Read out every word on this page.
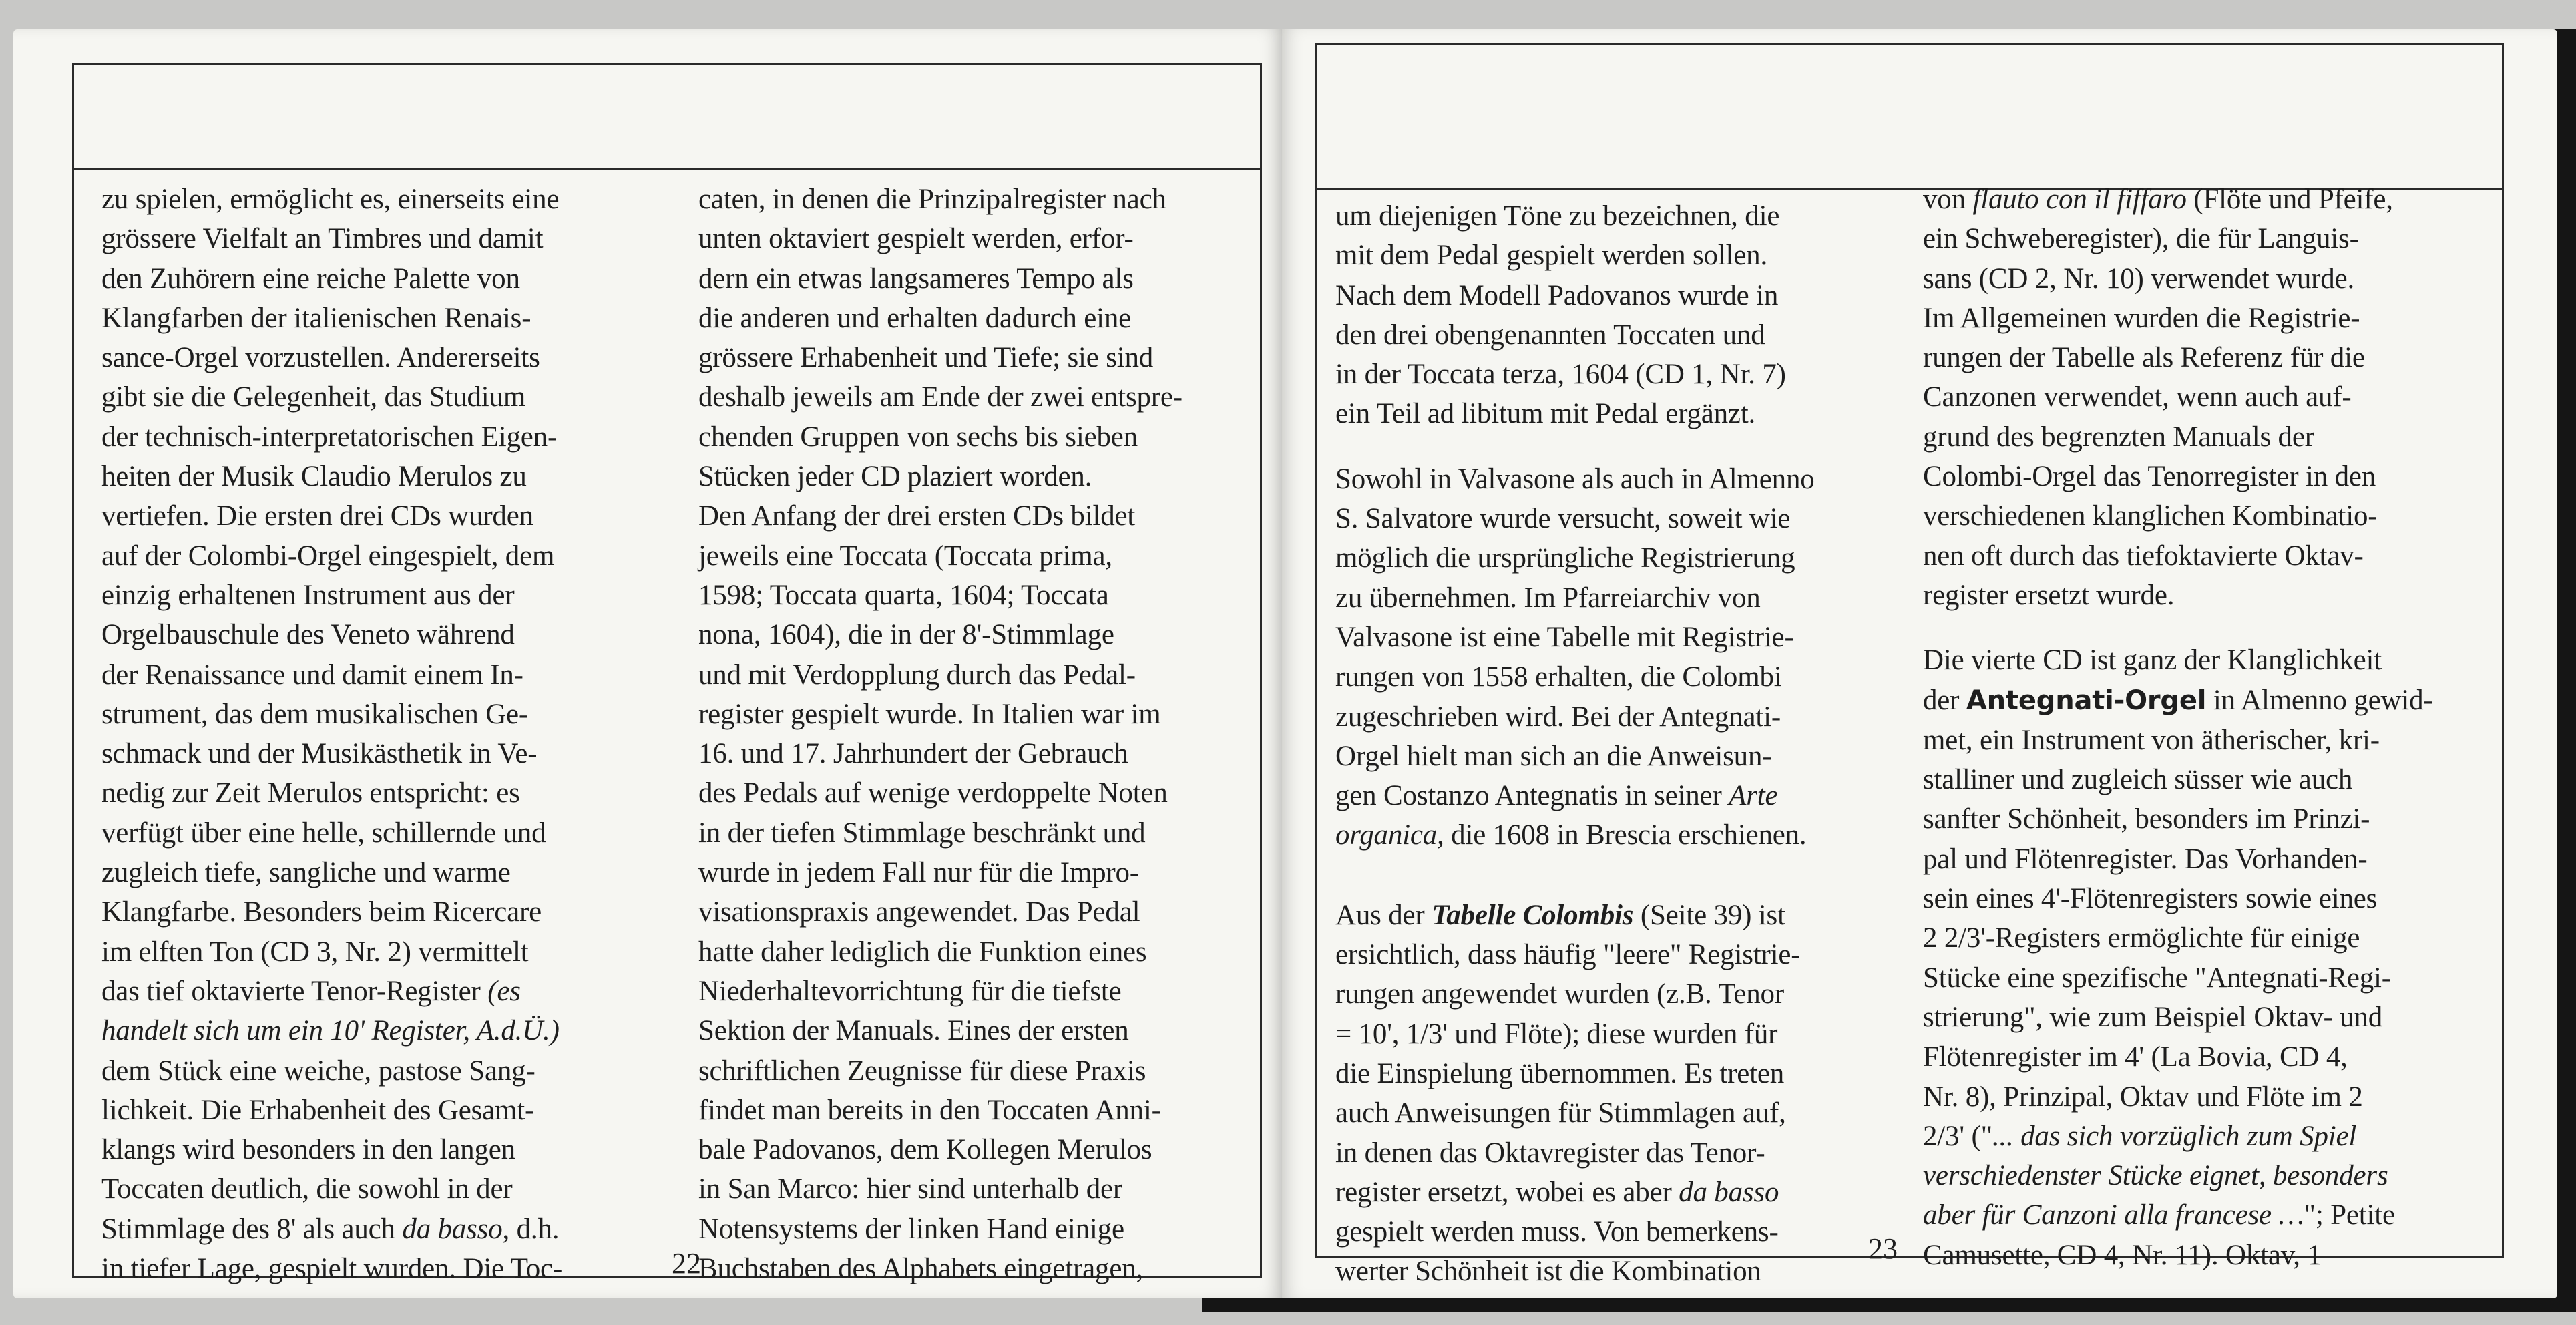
zu spielen, ermöglicht es, einerseits eine
grössere Vielfalt an Timbres und damit
den Zuhörern eine reiche Palette von
Klangfarben der italienischen Renais-
sance-Orgel vorzustellen. Andererseits
gibt sie die Gelegenheit, das Studium
der technisch-interpretatorischen Eigen-
heiten der Musik Claudio Merulos zu
vertiefen. Die ersten drei CDs wurden
auf der Colombi-Orgel eingespielt, dem
einzig erhaltenen Instrument aus der
Orgelbauschule des Veneto während
der Renaissance und damit einem In-
strument, das dem musikalischen Ge-
schmack und der Musikästhetik in Ve-
nedig zur Zeit Merulos entspricht: es
verfügt über eine helle, schillernde und
zugleich tiefe, sangliche und warme
Klangfarbe. Besonders beim Ricercare
im elften Ton (CD 3, Nr. 2) vermittelt
das tief oktavierte Tenor-Register (es
handelt sich um ein 10' Register, A.d.Ü.)
dem Stück eine weiche, pastose Sang-
lichkeit. Die Erhabenheit des Gesamt-
klangs wird besonders in den langen
Toccaten deutlich, die sowohl in der
Stimmlage des 8' als auch da basso, d.h.
in tiefer Lage, gespielt wurden. Die Toc-
caten, in denen die Prinzipalregister nach
unten oktaviert gespielt werden, erfor-
dern ein etwas langsameres Tempo als
die anderen und erhalten dadurch eine
grössere Erhabenheit und Tiefe; sie sind
deshalb jeweils am Ende der zwei entspre-
chenden Gruppen von sechs bis sieben
Stücken jeder CD plaziert worden.
Den Anfang der drei ersten CDs bildet
jeweils eine Toccata (Toccata prima,
1598; Toccata quarta, 1604; Toccata
nona, 1604), die in der 8'-Stimmlage
und mit Verdopplung durch das Pedal-
register gespielt wurde. In Italien war im
16. und 17. Jahrhundert der Gebrauch
des Pedals auf wenige verdoppelte Noten
in der tiefen Stimmlage beschränkt und
wurde in jedem Fall nur für die Impro-
visationspraxis angewendet. Das Pedal
hatte daher lediglich die Funktion eines
Niederhaltevorrichtung für die tiefste
Sektion der Manuals. Eines der ersten
schriftlichen Zeugnisse für diese Praxis
findet man bereits in den Toccaten Anni-
bale Padovanos, dem Kollegen Merulos
in San Marco: hier sind unterhalb der
Notensystems der linken Hand einige
Buchstaben des Alphabets eingetragen,
22

um diejenigen Töne zu bezeichnen, die
mit dem Pedal gespielt werden sollen.
Nach dem Modell Padovanos wurde in
den drei obengenannten Toccaten und
in der Toccata terza, 1604 (CD 1, Nr. 7)
ein Teil ad libitum mit Pedal ergänzt.

Sowohl in Valvasone als auch in Almenno
S. Salvatore wurde versucht, soweit wie
möglich die ursprüngliche Registrierung
zu übernehmen. Im Pfarreiarchiv von
Valvasone ist eine Tabelle mit Registrie-
rungen von 1558 erhalten, die Colombi
zugeschrieben wird. Bei der Antegnati-
Orgel hielt man sich an die Anweisun-
gen Costanzo Antegnatis in seiner Arte
organica, die 1608 in Brescia erschienen.

Aus der Tabelle Colombis (Seite 39) ist
ersichtlich, dass häufig "leere" Registrie-
rungen angewendet wurden (z.B. Tenor
= 10', 1/3' und Flöte); diese wurden für
die Einspielung übernommen. Es treten
auch Anweisungen für Stimmlagen auf,
in denen das Oktavregister das Tenor-
register ersetzt, wobei es aber da basso
gespielt werden muss. Von bemerkens-
werter Schönheit ist die Kombination

von flauto con il fiffaro (Flöte und Pfeife,
ein Schweberegister), die für Languis-
sans (CD 2, Nr. 10) verwendet wurde.
Im Allgemeinen wurden die Registrie-
rungen der Tabelle als Referenz für die
Canzonen verwendet, wenn auch auf-
grund des begrenzten Manuals der
Colombi-Orgel das Tenorregister in den
verschiedenen klanglichen Kombinatio-
nen oft durch das tiefoktavierte Oktav-
register ersetzt wurde.

Die vierte CD ist ganz der Klanglichkeit
der Antegnati-Orgel in Almenno gewid-
met, ein Instrument von ätherischer, kri-
stalliner und zugleich süsser wie auch
sanfter Schönheit, besonders im Prinzi-
pal und Flötenregister. Das Vorhanden-
sein eines 4'-Flötenregisters sowie eines
2 2/3'-Registers ermöglichte für einige
Stücke eine spezifische "Antegnati-Regi-
strierung", wie zum Beispiel Oktav- und
Flötenregister im 4' (La Bovia, CD 4,
Nr. 8), Prinzipal, Oktav und Flöte im 2
2/3' ("... das sich vorzüglich zum Spiel
verschiedenster Stücke eignet, besonders
aber für Canzoni alla francese …"; Petite
Camusette, CD 4, Nr. 11). Oktav, 1

23
